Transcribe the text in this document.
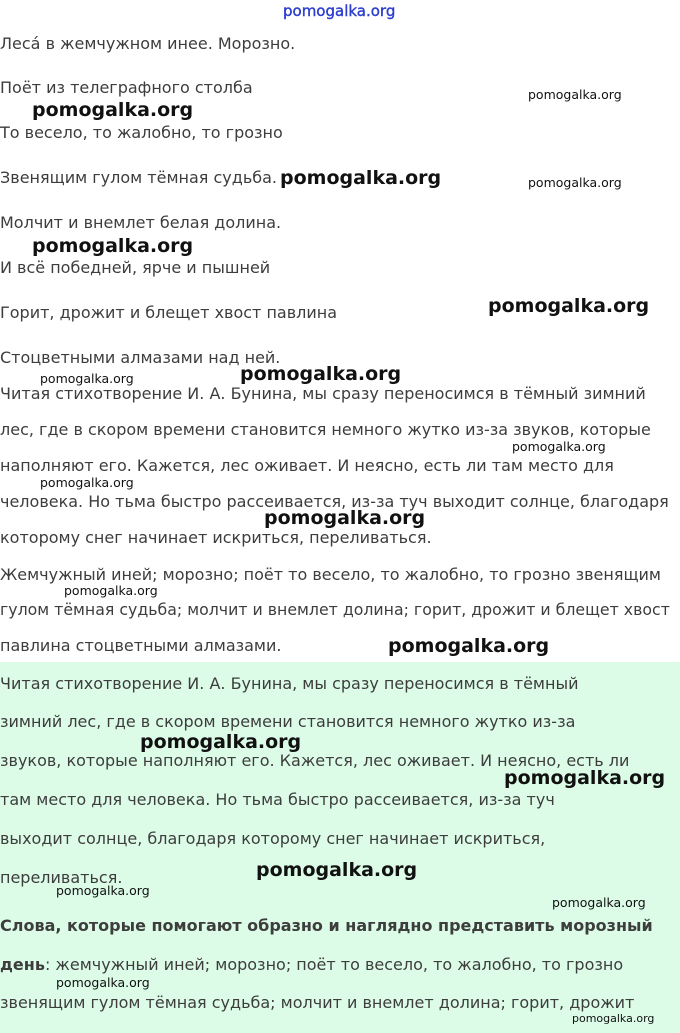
pomogalka.org

Леса́ в жемчужном инее. Морозно.

Поёт из телеграфного столба

То весело, то жалобно, то грозно

Звенящим гулом тёмная судьба.

Молчит и внемлет белая долина.

И всё победней, ярче и пышней

Горит, дрожит и блещет хвост павлина

Стоцветными алмазами над ней.

Читая стихотворение И. А. Бунина, мы сразу переносимся в тёмный зимний

лес, где в скором времени становится немного жутко из-за звуков, которые

наполняют его. Кажется, лес оживает. И неясно, есть ли там место для

человека. Но тьма быстро рассеивается, из-за туч выходит солнце, благодаря

которому снег начинает искриться, переливаться.

Жемчужный иней; морозно; поёт то весело, то жалобно, то грозно звенящим

гулом тёмная судьба; молчит и внемлет долина; горит, дрожит и блещет хвост

павлина стоцветными алмазами.

Читая стихотворение И. А. Бунина, мы сразу переносимся в тёмный

зимний лес, где в скором времени становится немного жутко из-за

звуков, которые наполняют его. Кажется, лес оживает. И неясно, есть ли

там место для человека. Но тьма быстро рассеивается, из-за туч

выходит солнце, благодаря которому снег начинает искриться,

переливаться.

Слова, которые помогают образно и наглядно представить морозный

день: жемчужный иней; морозно; поёт то весело, то жалобно, то грозно

звенящим гулом тёмная судьба; молчит и внемлет долина; горит, дрожит

pomogalka.org
pomogalka.org
pomogalka.org	pomogalka.org
pomogalka.org
pomogalka.org
pomogalka.org	pomogalka.org
pomogalka.org
pomogalka.org
pomogalka.org
pomogalka.org
pomogalka.org
pomogalka.org
pomogalka.org
pomogalka.org
pomogalka.org
pomogalka.org
pomogalka.org
pomogalka.org
